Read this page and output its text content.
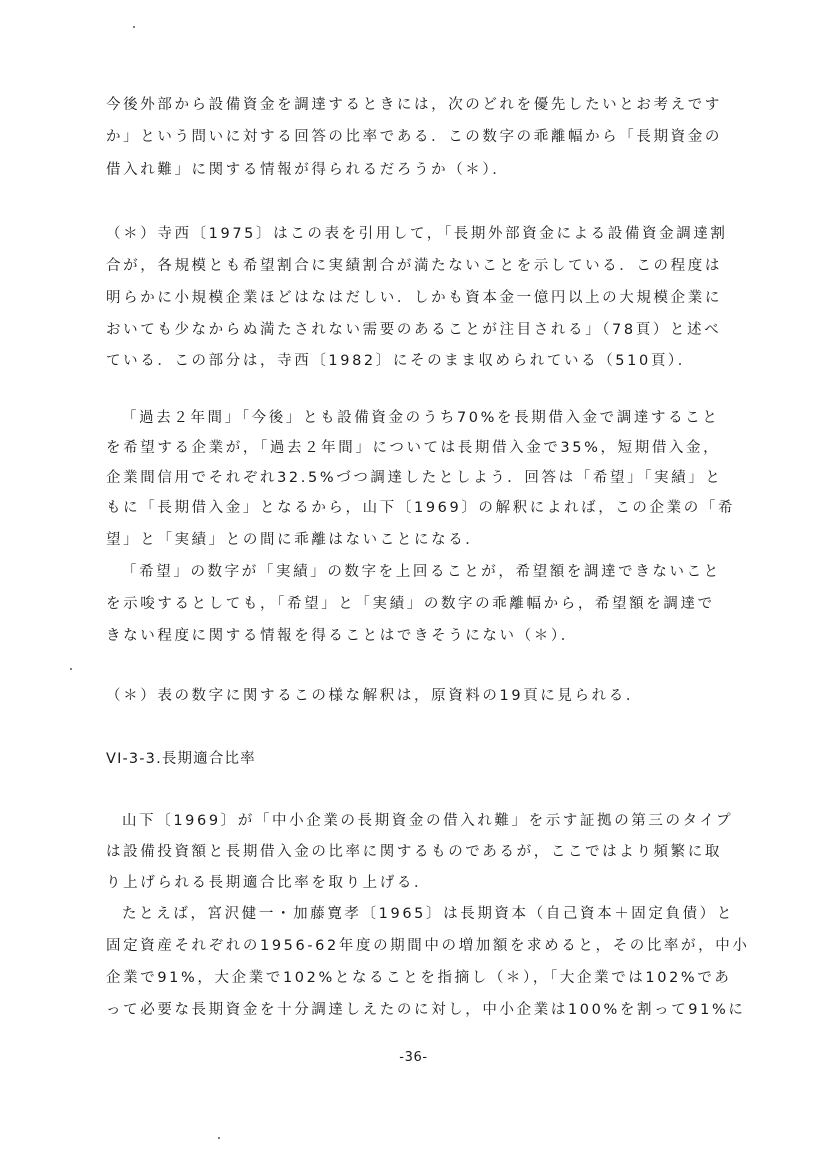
今後外部から設備資金を調達するときには，次のどれを優先したいとお考えです
か」という問いに対する回答の比率である．この数字の乖離幅から「長期資金の
借入れ難」に関する情報が得られるだろうか（＊）．
（＊）寺西〔1975〕はこの表を引用して，「長期外部資金による設備資金調達割
合が，各規模とも希望割合に実績割合が満たないことを示している．この程度は
明らかに小規模企業ほどはなはだしい．しかも資本金一億円以上の大規模企業に
おいても少なからぬ満たされない需要のあることが注目される」（78頁）と述べ
ている．この部分は，寺西〔1982〕にそのまま収められている（510頁）．
「過去２年間」「今後」とも設備資金のうち70%を長期借入金で調達すること
を希望する企業が，「過去２年間」については長期借入金で35%，短期借入金，
企業間信用でそれぞれ32.5%づつ調達したとしよう．回答は「希望」「実績」と
もに「長期借入金」となるから，山下〔1969〕の解釈によれば，この企業の「希
望」と「実績」との間に乖離はないことになる．
「希望」の数字が「実績」の数字を上回ることが，希望額を調達できないこと
を示唆するとしても，「希望」と「実績」の数字の乖離幅から，希望額を調達で
きない程度に関する情報を得ることはできそうにない（＊）．
（＊）表の数字に関するこの様な解釈は，原資料の19頁に見られる．
VI-3-3.長期適合比率
山下〔1969〕が「中小企業の長期資金の借入れ難」を示す証拠の第三のタイプ
は設備投資額と長期借入金の比率に関するものであるが，ここではより頻繁に取
り上げられる長期適合比率を取り上げる．
たとえば，宮沢健一・加藤寛孝〔1965〕は長期資本（自己資本＋固定負債）と
固定資産それぞれの1956-62年度の期間中の増加額を求めると，その比率が，中小
企業で91%，大企業で102%となることを指摘し（＊），「大企業では102%であ
って必要な長期資金を十分調達しえたのに対し，中小企業は100%を割って91%に
-36-
